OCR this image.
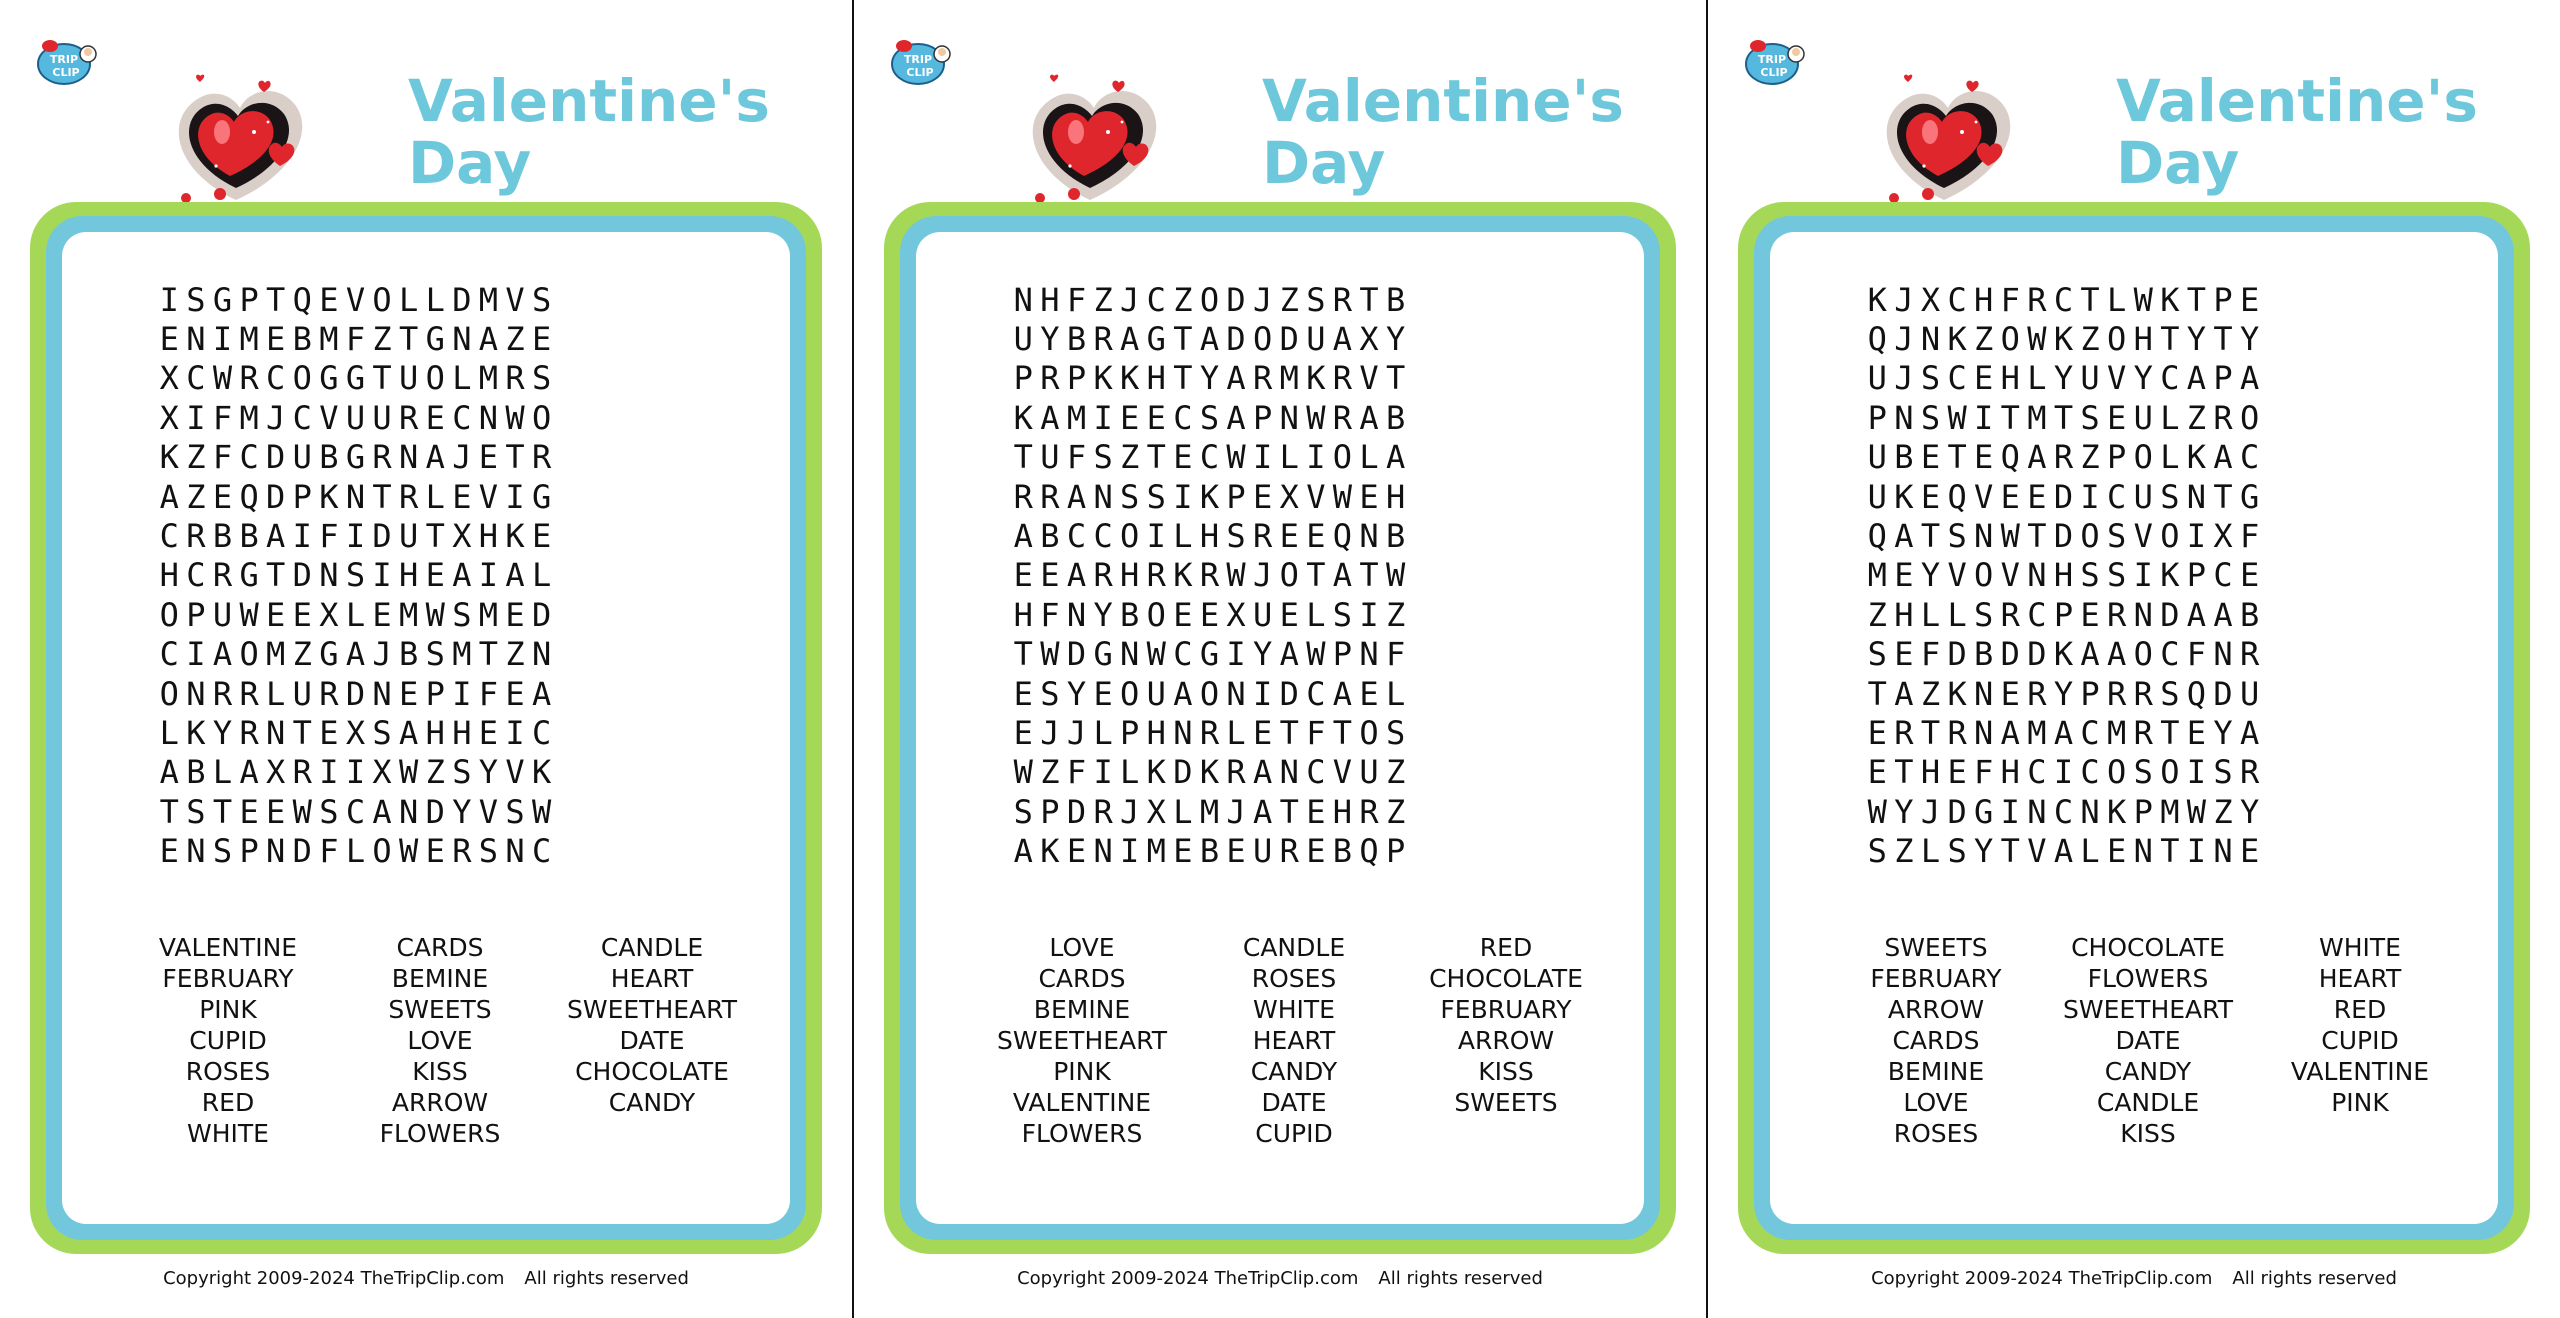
TRIP
CLIP	Valentine's
Day
I S G P T Q E V O L L D M V S
E N I M E B M F Z T G N A Z E
X C W R C O G G T U O L M R S
X I F M J C V U U R E С N W O
K Z F C D U B G R N A J E T R
A Z E Q D P K N T R L E V I G
C R B B A I F I D U T X H K E
H C R G T D N S I H E A I A L
O P U W E E X L E M W S M E D
C I A O M Z G A J B S M T Z N
O N R R L U R D N E P I F E A
L K Y R N T E X S A H H E I C
A B L A X R I I X W Z S Y V K
T S T E E W S C A N D Y V S W
E N S P N D F L O W E R S N C
VALENTINE
FEBRUARY
PINK
CUPID
ROSES
RED
WHITE
CARDS
BEMINE
SWEETS
LOVE
KISS
ARROW
FLOWERS
CANDLE
HEART
SWEETHEART
DATE
CHOCOLATE
CANDY
Copyright 2009-2024 TheTripClip.com All rights reserved
TRIP
CLIP	Valentine's
Day
N H F Z J C Z O D J Z S R T B
U Y B R A G T A D O D U A X Y
P R P K K H T Y A R M K R V T
K A M I E E C S A P N W R A B
T U F S Z T E C W I L I O L A
R R A N S S I K P E X V W E H
A B C C O I L H S R E E Q N B
E E A R H R K R W J O T A T W
H F N Y B O E E X U E L S I Z
T W D G N W C G I Y A W P N F
E S Y E O U A O N I D C A E L
E J J L P H N R L E T F T O S
W Z F I L K D K R A N C V U Z
S P D R J X L M J A T E H R Z
A K E N I M E B E U R E B Q P
LOVE
CARDS
BEMINE
SWEETHEART
PINK
VALENTINE
FLOWERS
CANDLE
ROSES
WHITE
HEART
CANDY
DATE
CUPID
RED
CHOCOLATE
FEBRUARY
ARROW
KISS
SWEETS
Copyright 2009-2024 TheTripClip.com All rights reserved
TRIP
CLIP	Valentine's
Day
K J X C H F R C T L W K T P E
Q J N K Z O W K Z O H T Y T Y
U J S C E H L Y U V Y C A P A
P N S W I T M T S E U L Z R O
U B E T E Q A R Z P O L K A C
U K E Q V E E D I C U S N T G
Q A T S N W T D O S V O I X F
M E Y V O V N H S S I K P C E
Z H L L S R C P E R N D A A B
S E F D B D D K A A O C F N R
T A Z K N E R Y P R R S Q D U
E R T R N A M A C M R T E Y A
E T H E F H C I C O S O I S R
W Y J D G I N C N K P M W Z Y
S Z L S Y T V A L E N T I N E
SWEETS
FEBRUARY
ARROW
CARDS
BEMINE
LOVE
ROSES
CHOCOLATE
FLOWERS
SWEETHEART
DATE
CANDY
CANDLE
KISS
WHITE
HEART
RED
CUPID
VALENTINE
PINK
Copyright 2009-2024 TheTripClip.com All rights reserved
